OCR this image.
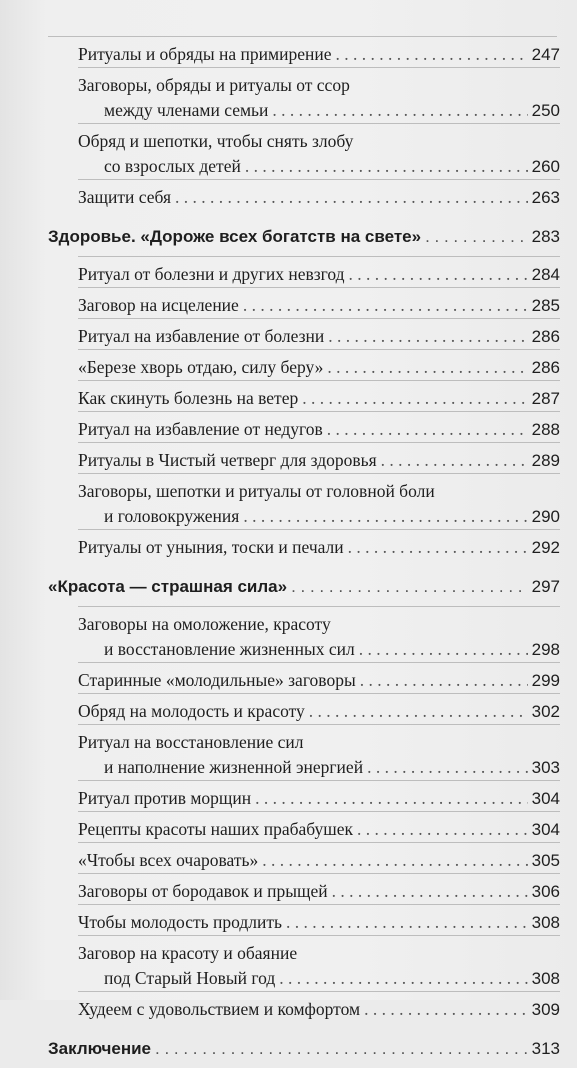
Ритуалы и обряды на примирение . . .	247
Заговоры, обряды и ритуалы от ссор
между членами семьи . . .	250
Обряд и шепотки, чтобы снять злобу
со взрослых детей . . .	260
Защити себя . . .	263
Здоровье. «Дороже всех богатств на свете» . . .	283
Ритуал от болезни и других невзгод . . .	284
Заговор на исцеление . . .	285
Ритуал на избавление от болезни . . .	286
«Березе хворь отдаю, силу беру» . . .	286
Как скинуть болезнь на ветер . . .	287
Ритуал на избавление от недугов . . .	288
Ритуалы в Чистый четверг для здоровья . . .	289
Заговоры, шепотки и ритуалы от головной боли
и головокружения . . .	290
Ритуалы от уныния, тоски и печали . . .	292
«Красота — страшная сила» . . .	297
Заговоры на омоложение, красоту
и восстановление жизненных сил . . .	298
Старинные «молодильные» заговоры . . .	299
Обряд на молодость и красоту . . .	302
Ритуал на восстановление сил
и наполнение жизненной энергией . . .	303
Ритуал против морщин . . .	304
Рецепты красоты наших прабабушек . . .	304
«Чтобы всех очаровать» . . .	305
Заговоры от бородавок и прыщей . . .	306
Чтобы молодость продлить . . .	308
Заговор на красоту и обаяние
под Старый Новый год . . .	308
Худеем с удовольствием и комфортом . . .	309
Заключение . . .	313
